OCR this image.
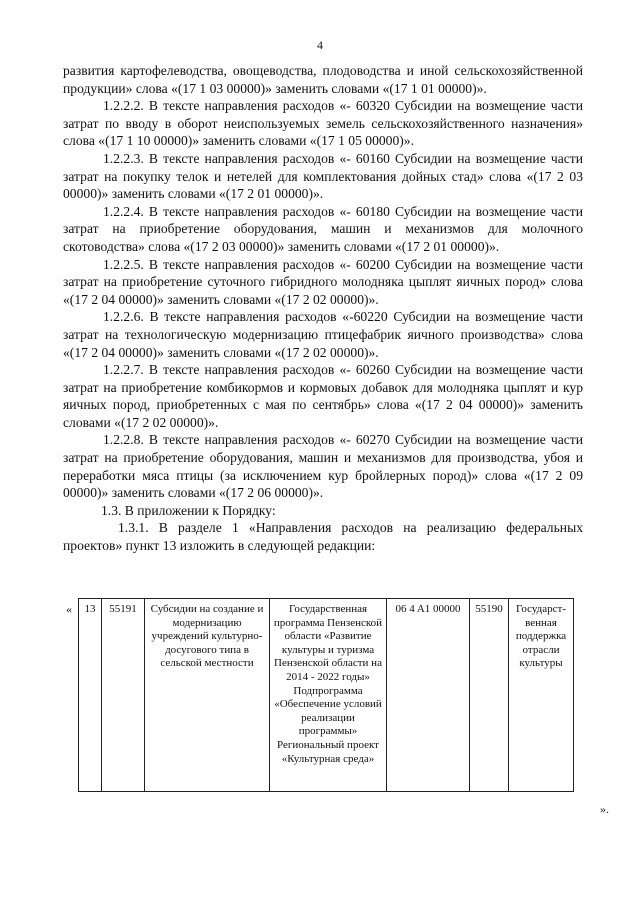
4

развития картофелеводства, овощеводства, плодоводства и иной сельскохозяйственной продукции» слова «(17 1 03 00000)» заменить словами «(17 1 01 00000)».

1.2.2.2. В тексте направления расходов «- 60320 Субсидии на возмещение части затрат по вводу в оборот неиспользуемых земель сельскохозяйственного назначения» слова «(17 1 10 00000)» заменить словами «(17 1 05 00000)».

1.2.2.3. В тексте направления расходов «- 60160 Субсидии на возмещение части затрат на покупку телок и нетелей для комплектования дойных стад» слова «(17 2 03 00000)» заменить словами «(17 2 01 00000)».

1.2.2.4. В тексте направления расходов «- 60180 Субсидии на возмещение части затрат на приобретение оборудования, машин и механизмов для молочного скотоводства» слова «(17 2 03 00000)» заменить словами «(17 2 01 00000)».

1.2.2.5. В тексте направления расходов «- 60200 Субсидии на возмещение части затрат на приобретение суточного гибридного молодняка цыплят яичных пород» слова «(17 2 04 00000)» заменить словами «(17 2 02 00000)».

1.2.2.6. В тексте направления расходов «-60220 Субсидии на возмещение части затрат на технологическую модернизацию птицефабрик яичного производства» слова «(17 2 04 00000)» заменить словами «(17 2 02 00000)».

1.2.2.7. В тексте направления расходов «- 60260 Субсидии на возмещение части затрат на приобретение комбикормов и кормовых добавок для молодняка цыплят и кур яичных пород, приобретенных с мая по сентябрь» слова «(17 2 04 00000)» заменить словами «(17 2 02 00000)».

1.2.2.8. В тексте направления расходов «- 60270 Субсидии на возмещение части затрат на приобретение оборудования, машин и механизмов для производства, убоя и переработки мяса птицы (за исключением кур бройлерных пород)» слова «(17 2 09 00000)» заменить словами «(17 2 06 00000)».

1.3. В приложении к Порядку:

1.3.1. В разделе 1 «Направления расходов на реализацию федеральных проектов» пункт 13 изложить в следующей редакции:

« 13	55191	Субсидии на создание и модернизацию учреждений культурно-досугового типа в сельской местности	Государственная программа Пензенской области «Развитие культуры и туризма Пензенской области на 2014 - 2022 годы» Подпрограмма «Обеспечение условий реализации программы» Региональный проект «Культурная среда»	06 4 A1 00000	55190	Государст-венная поддержка отрасли культуры
».
